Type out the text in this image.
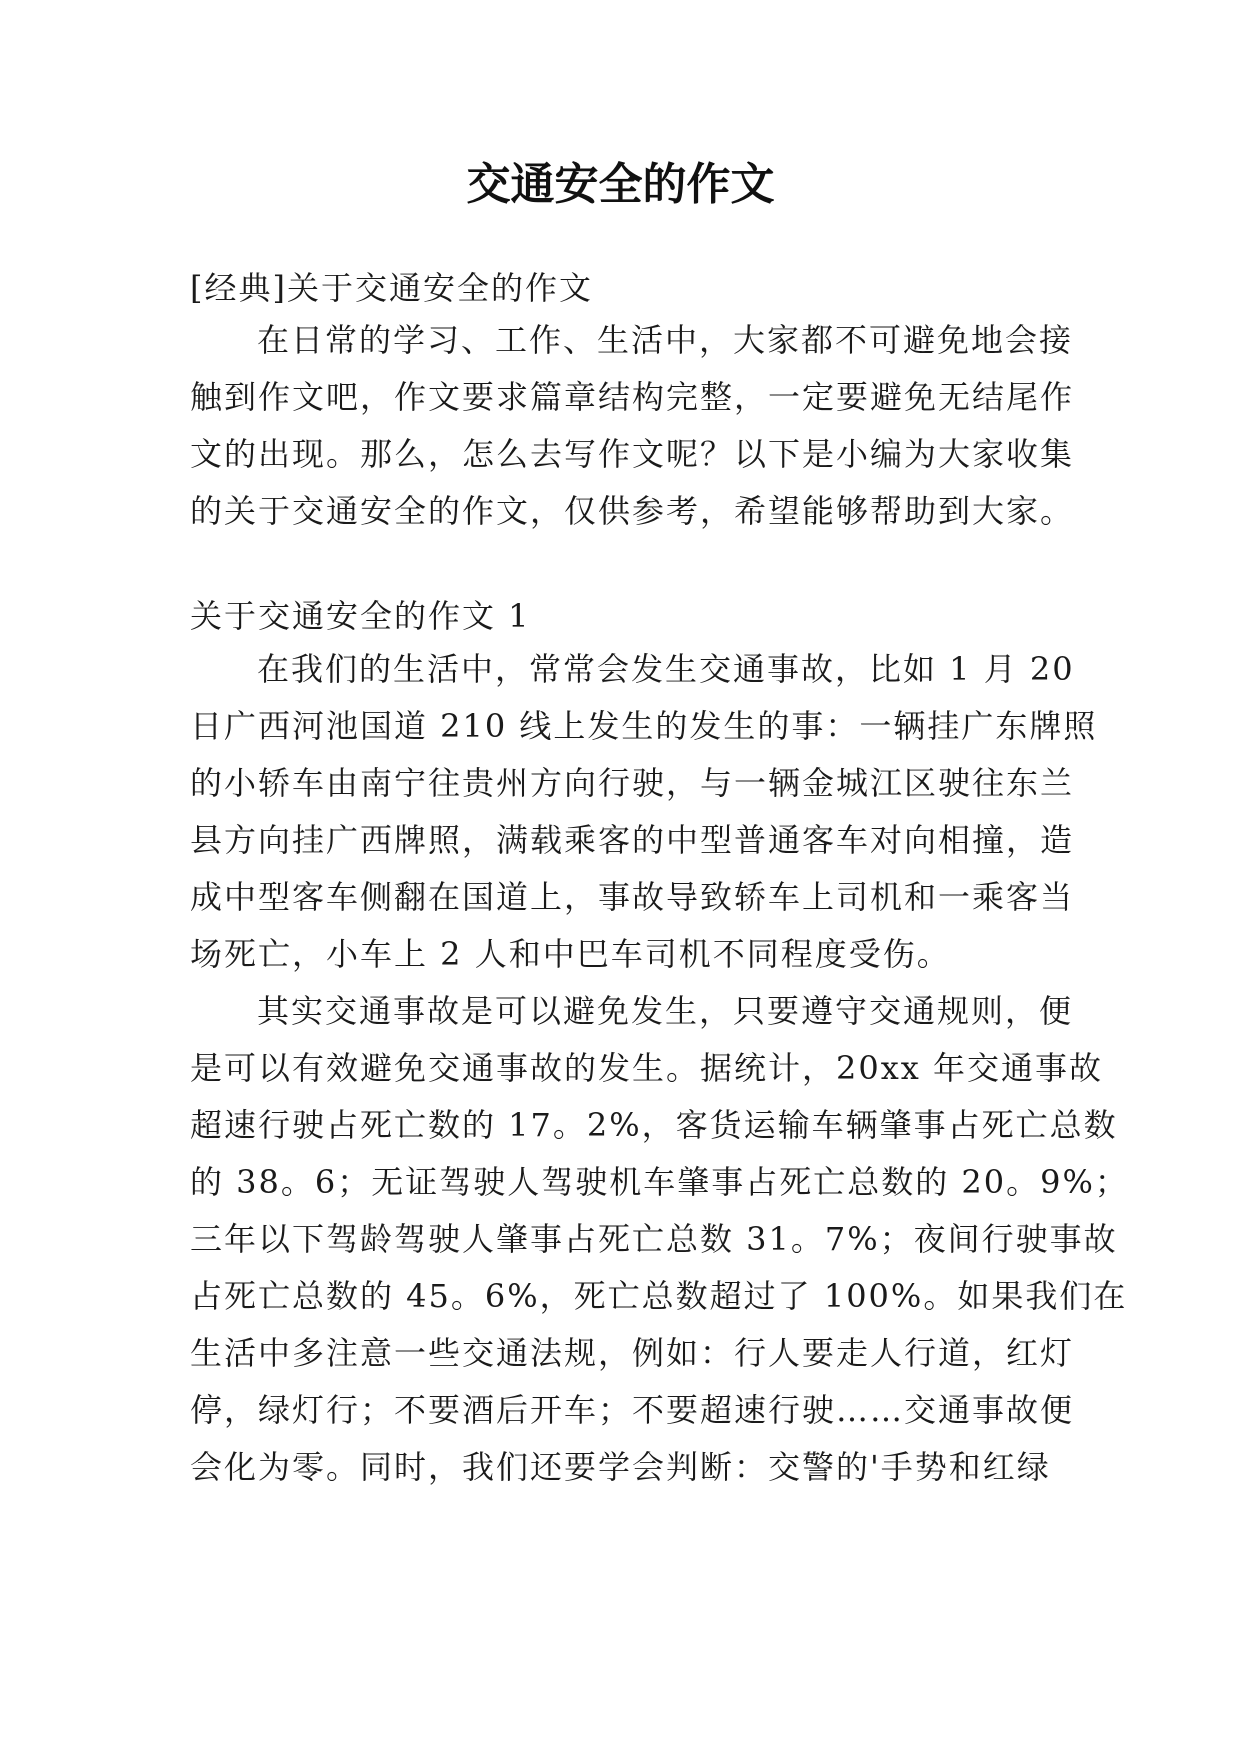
交通安全的作文
[经典]关于交通安全的作文
在日常的学习、工作、生活中，大家都不可避免地会接
触到作文吧，作文要求篇章结构完整，一定要避免无结尾作
文的出现。那么，怎么去写作文呢？以下是小编为大家收集
的关于交通安全的作文，仅供参考，希望能够帮助到大家。
关于交通安全的作文 1
在我们的生活中，常常会发生交通事故，比如 1 月 20
日广西河池国道 210 线上发生的发生的事：一辆挂广东牌照
的小轿车由南宁往贵州方向行驶，与一辆金城江区驶往东兰
县方向挂广西牌照，满载乘客的中型普通客车对向相撞，造
成中型客车侧翻在国道上，事故导致轿车上司机和一乘客当
场死亡，小车上 2 人和中巴车司机不同程度受伤。
其实交通事故是可以避免发生，只要遵守交通规则，便
是可以有效避免交通事故的发生。据统计，20xx 年交通事故
超速行驶占死亡数的 17。2%，客货运输车辆肇事占死亡总数
的 38。6；无证驾驶人驾驶机车肇事占死亡总数的 20。9%；
三年以下驾龄驾驶人肇事占死亡总数 31。7%；夜间行驶事故
占死亡总数的 45。6%，死亡总数超过了 100%。如果我们在
生活中多注意一些交通法规，例如：行人要走人行道，红灯
停，绿灯行；不要酒后开车；不要超速行驶……交通事故便
会化为零。同时，我们还要学会判断：交警的'手势和红绿
